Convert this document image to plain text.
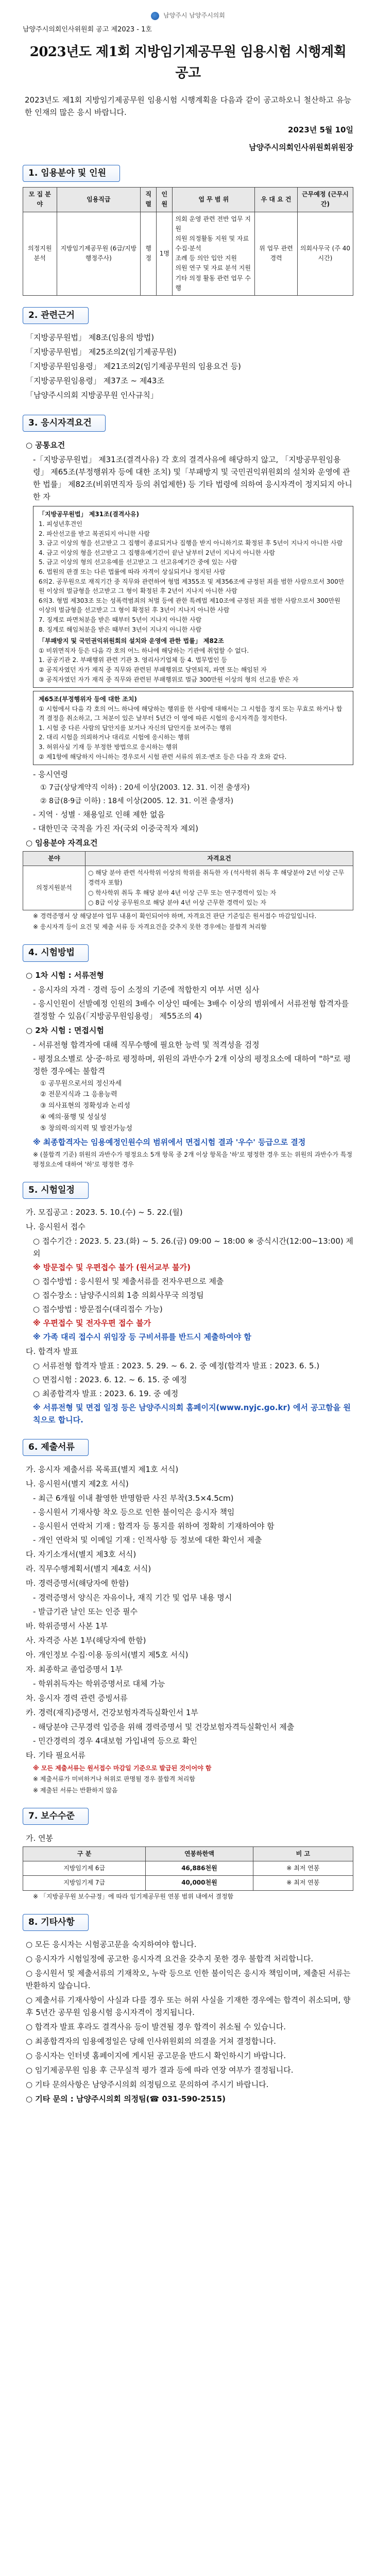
남양주시 남양주시의회
남양주시의회인사위원회 공고 제2023 - 1호
2023년도 제1회 지방임기제공무원 임용시험 시행계획 공고
2023년도 제1회 지방임기제공무원 임용시험 시행계획을 다음과 같이 공고하오니 철산하고 유능한 인재의 많은 응시 바랍니다.
2023년 5월 10일
남양주시의회인사위원회위원장
1. 임용분야 및 인원
모 집 분 야	임용직급	직렬	인원	업 무 범 위	우 대 요 건	근무예정 (근무시간)
의정지원분석	지방임기제공무원 (6급/지방행정주사)	행정	1명	의회 운영 관련 전반 업무 지원
의원 의정활동 지원 및 자료 수집·분석
조례 등 의안 입안 지원
의원 연구 및 자료 분석 지원
기타 의정 활동 관련 업무 수행	위 업무 관련 경력	의회사무국 (주 40시간)
2. 관련근거
「지방공무원법」 제8조(임용의 방법)
「지방공무원법」 제25조의2(임기제공무원)
「지방공무원임용령」 제21조의2(임기제공무원의 임용요건 등)
「지방공무원임용령」 제37조 ~ 제43조
「남양주시의회 지방공무원 인사규칙」
3. 응시자격요건
○ 공통요건
-「지방공무원법」 제31조(결격사유) 각 호의 결격사유에 해당하지 않고, 「지방공무원임용령」 제65조(부정행위자 등에 대한 조치) 및「부패방지 및 국민권익위원회의 설치와 운영에 관한 법률」 제82조(비위면직자 등의 취업제한) 등 기타 법령에 의하여 응시자격이 정지되지 아니한 자
「지방공무원법」 제31조(결격사유)
1. 피성년후견인
2. 파산선고를 받고 복권되지 아니한 사람
3. 금고 이상의 형을 선고받고 그 집행이 종료되거나 집행을 받지 아니하기로 확정된 후 5년이 지나지 아니한 사람
4. 금고 이상의 형을 선고받고 그 집행유예기간이 끝난 날부터 2년이 지나지 아니한 사람
5. 금고 이상의 형의 선고유예를 선고받고 그 선고유예기간 중에 있는 사람
6. 법원의 판결 또는 다른 법률에 따라 자격이 상실되거나 정지된 사람
6의2. 공무원으로 재직기간 중 직무와 관련하여 형법 제355조 및 제356조에 규정된 죄를 범한 사람으로서 300만원 이상의 벌금형을 선고받고 그 형이 확정된 후 2년이 지나지 아니한 사람
6의3. 형법 제303조 또는 성폭력범죄의 처벌 등에 관한 특례법 제10조에 규정된 죄를 범한 사람으로서 300만원 이상의 벌금형을 선고받고 그 형이 확정된 후 3년이 지나지 아니한 사람
7. 징계로 파면처분을 받은 때부터 5년이 지나지 아니한 사람
8. 징계로 해임처분을 받은 때부터 3년이 지나지 아니한 사람
「부패방지 및 국민권익위원회의 설치와 운영에 관한 법률」 제82조
① 비위면직자 등은 다음 각 호의 어느 하나에 해당하는 기관에 취업할 수 없다.
1. 공공기관 2. 부패행위 관련 기관 3. 영리사기업체 등 4. 법무법인 등
② 공직자였던 자가 재직 중 직무와 관련된 부패행위로 당연퇴직, 파면 또는 해임된 자
③ 공직자였던 자가 재직 중 직무와 관련된 부패행위로 벌금 300만원 이상의 형의 선고를 받은 자
제65조(부정행위자 등에 대한 조치)
① 시험에서 다음 각 호의 어느 하나에 해당하는 행위를 한 사람에 대해서는 그 시험을 정지 또는 무효로 하거나 합격 결정을 취소하고, 그 처분이 있은 날부터 5년간 이 영에 따른 시험의 응시자격을 정지한다.
1. 시험 중 다른 사람의 답안지를 보거나 자신의 답안지를 보여주는 행위
2. 대리 시험을 의뢰하거나 대리로 시험에 응시하는 행위
3. 허위사실 기재 등 부정한 방법으로 응시하는 행위
② 제1항에 해당하지 아니하는 경우로서 시험 관련 서류의 위조·변조 등은 다음 각 호와 같다.
- 응시연령
① 7급(상당계약직 이하) : 20세 이상(2003. 12. 31. 이전 출생자)
② 8급(8·9급 이하) : 18세 이상(2005. 12. 31. 이전 출생자)
- 지역 · 성별 · 채용일로 인해 제한 없음
- 대한민국 국적을 가진 자(국외 이중국적자 제외)
○ 임용분야 자격요건
분야	자격요건
의정지원분석	○ 해당 분야 관련 석사학위 이상의 학위를 취득한 자 (석사학위 취득 후 해당분야 2년 이상 근무 경력자 포함)
○ 학사학위 취득 후 해당 분야 4년 이상 근무 또는 연구경력이 있는 자
○ 8급 이상 공무원으로 해당 분야 4년 이상 근무한 경력이 있는 자
※ 경력증명서 상 해당분야 업무 내용이 확인되어야 하며, 자격요건 판단 기준일은 원서접수 마감일입니다.
※ 응시자격 등이 요건 및 제출 서류 등 자격요건을 갖추지 못한 경우에는 불합격 처리함
4. 시험방법
○ 1차 시험 : 서류전형
- 응시자의 자격 · 경력 등이 소정의 기준에 적합한지 여부 서면 심사
- 응시인원이 선발예정 인원의 3배수 이상인 때에는 3배수 이상의 범위에서 서류전형 합격자를 결정할 수 있음(「지방공무원임용령」 제55조의 4)
○ 2차 시험 : 면접시험
- 서류전형 합격자에 대해 직무수행에 필요한 능력 및 적격성을 검정
- 평정요소별로 상·중·하로 평정하며, 위원의 과반수가 2개 이상의 평정요소에 대하여 "하"로 평정한 경우에는 불합격
① 공무원으로서의 정신자세
② 전문지식과 그 응용능력
③ 의사표현의 정확성과 논리성
④ 예의·품행 및 성실성
⑤ 창의력·의지력 및 발전가능성
※ 최종합격자는 임용예정인원수의 범위에서 면접시험 결과 '우수' 등급으로 결정
※ (불합격 기준) 위원의 과반수가 평정요소 5개 항목 중 2개 이상 항목을 '하'로 평정한 경우 또는 위원의 과반수가 특정 평정요소에 대하여 '하'로 평정한 경우
5. 시험일정
가. 모집공고 : 2023. 5. 10.(수) ~ 5. 22.(월)
나. 응시원서 접수
○ 접수기간 : 2023. 5. 23.(화) ~ 5. 26.(금) 09:00 ~ 18:00 ※ 중식시간(12:00~13:00) 제외
※ 방문접수 및 우편접수 불가 (원서교부 불가)
○ 접수방법 : 응시원서 및 제출서류를 전자우편으로 제출
○ 접수장소 : 남양주시의회 1층 의회사무국 의정팀
○ 접수방법 : 방문접수(대리접수 가능)
※ 우편접수 및 전자우편 접수 불가
※ 가족 대리 접수시 위임장 등 구비서류를 반드시 제출하여야 함
다. 합격자 발표
○ 서류전형 합격자 발표 : 2023. 5. 29. ~ 6. 2. 중 예정(합격자 발표 : 2023. 6. 5.)
○ 면접시험 : 2023. 6. 12. ~ 6. 15. 중 예정
○ 최종합격자 발표 : 2023. 6. 19. 중 예정
※ 서류전형 및 면접 일정 등은 남양주시의회 홈페이지(www.nyjc.go.kr) 에서 공고함을 원칙으로 합니다.
6. 제출서류
가. 응시자 제출서류 목록표(별지 제1호 서식)
나. 응시원서(별지 제2호 서식)
- 최근 6개월 이내 촬영한 반명함판 사진 부착(3.5×4.5cm)
- 응시원서 기재사항 착오 등으로 인한 불이익은 응시자 책임
- 응시원서 연락처 기재 : 합격자 등 통지를 위하여 정확히 기재하여야 함
- 개인 연락처 및 이메일 기재 : 인적사항 등 정보에 대한 확인서 제출
다. 자기소개서(별지 제3호 서식)
라. 직무수행계획서(별지 제4호 서식)
마. 경력증명서(해당자에 한함)
- 경력증명서 양식은 자유이나, 재직 기간 및 업무 내용 명시
- 발급기관 날인 또는 인증 필수
바. 학위증명서 사본 1부
사. 자격증 사본 1부(해당자에 한함)
아. 개인정보 수집·이용 동의서(별지 제5호 서식)
자. 최종학교 졸업증명서 1부
- 학위취득자는 학위증명서로 대체 가능
차. 응시자 경력 관련 증빙서류
카. 경력(재직)증명서, 건강보험자격득실확인서 1부
- 해당분야 근무경력 입증을 위해 경력증명서 및 건강보험자격득실확인서 제출
- 민간경력의 경우 4대보험 가입내역 등으로 확인
타. 기타 필요서류
※ 모든 제출서류는 원서접수 마감일 기준으로 발급된 것이어야 함
※ 제출서류가 미비하거나 허위로 판명될 경우 불합격 처리함
※ 제출된 서류는 반환하지 않음
7. 보수수준
가. 연봉
구 분	연봉하한액	비 고
지방임기제 6급	46,886천원	※ 최저 연봉
지방임기제 7급	40,000천원	※ 최저 연봉
※ 「지방공무원 보수규정」에 따라 임기제공무원 연봉 범위 내에서 결정함
8. 기타사항
○ 모든 응시자는 시험공고문을 숙지하여야 합니다.
○ 응시자가 시험일정에 공고한 응시자격 요건을 갖추지 못한 경우 불합격 처리합니다.
○ 응시원서 및 제출서류의 기재착오, 누락 등으로 인한 불이익은 응시자 책임이며, 제출된 서류는 반환하지 않습니다.
○ 제출서류 기재사항이 사실과 다를 경우 또는 허위 사실을 기재한 경우에는 합격이 취소되며, 향후 5년간 공무원 임용시험 응시자격이 정지됩니다.
○ 합격자 발표 후라도 결격사유 등이 발견될 경우 합격이 취소될 수 있습니다.
○ 최종합격자의 임용예정일은 당해 인사위원회의 의결을 거쳐 결정합니다.
○ 응시자는 인터넷 홈페이지에 게시된 공고문을 반드시 확인하시기 바랍니다.
○ 임기제공무원 임용 후 근무실적 평가 결과 등에 따라 연장 여부가 결정됩니다.
○ 기타 문의사항은 남양주시의회 의정팀으로 문의하여 주시기 바랍니다.
○ 기타 문의 : 남양주시의회 의정팀(☎ 031-590-2515)
